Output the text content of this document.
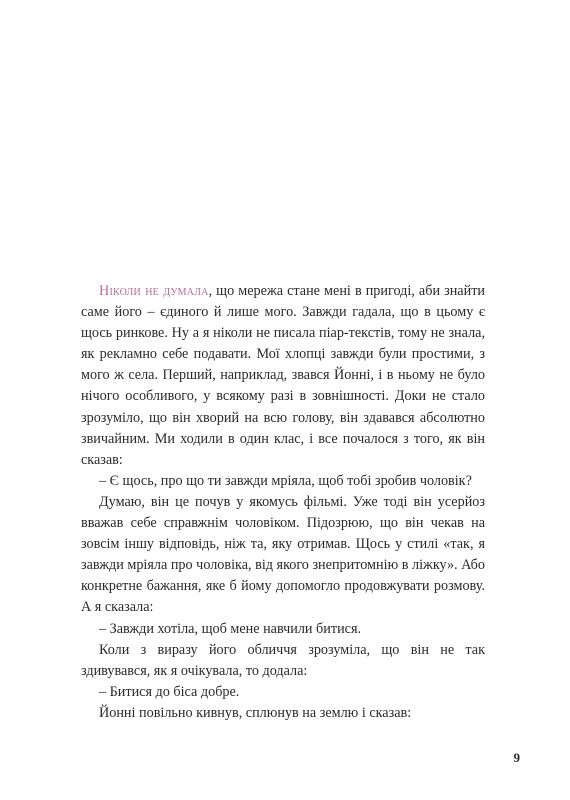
Ніколи не думала, що мережа стане мені в пригоді, аби знайти саме його – єдиного й лише мого. Завжди гадала, що в цьому є щось ринкове. Ну а я ніколи не писала піар-текстів, тому не знала, як рекламно себе подавати. Мої хлопці завжди були простими, з мого ж села. Перший, наприклад, звався Йонні, і в ньому не було нічого особливого, у всякому разі в зовнішності. Доки не стало зрозуміло, що він хворий на всю голову, він здавався абсолютно звичайним. Ми ходили в один клас, і все почалося з того, як він сказав:

– Є щось, про що ти завжди мріяла, щоб тобі зробив чоловік?

Думаю, він це почув у якомусь фільмі. Уже тоді він усерйоз вважав себе справжнім чоловіком. Підозрюю, що він чекав на зовсім іншу відповідь, ніж та, яку отримав. Щось у стилі «так, я завжди мріяла про чоловіка, від якого знепритомнію в ліжку». Або конкретне бажання, яке б йому допомогло продовжувати розмову. А я сказала:

– Завжди хотіла, щоб мене навчили битися.

Коли з виразу його обличчя зрозуміла, що він не так здивувався, як я очікувала, то додала:

– Битися до біса добре.

Йонні повільно кивнув, сплюнув на землю і сказав:

9
